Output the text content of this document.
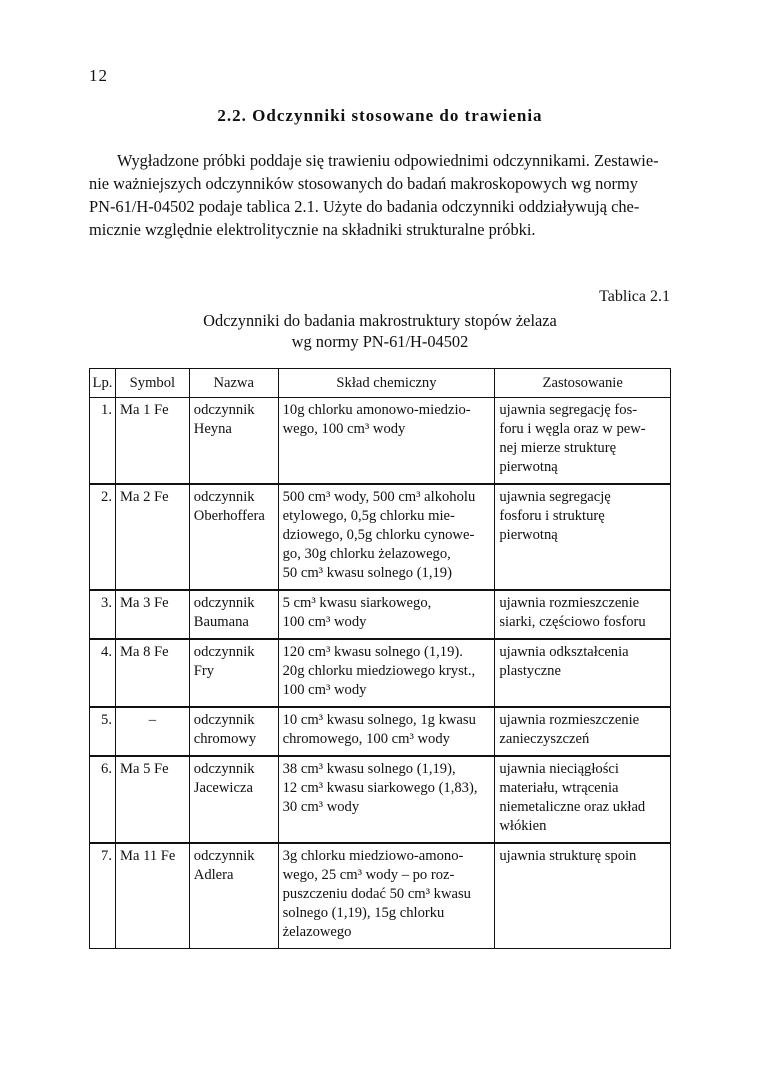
12
2.2. Odczynniki stosowane do trawienia

Wygładzone próbki poddaje się trawieniu odpowiednimi odczynnikami. Zestawie-
nie ważniejszych odczynników stosowanych do badań makroskopowych wg normy
PN-61/H-04502 podaje tablica 2.1. Użyte do badania odczynniki oddziaływują che-
micznie względnie elektrolitycznie na składniki strukturalne próbki.

Tablica 2.1
Odczynniki do badania makrostruktury stopów żelaza
wg normy PN-61/H-04502
Lp.	Symbol	Nazwa	Skład chemiczny	Zastosowanie
1.	Ma 1 Fe	odczynnik
Heyna	10g chlorku amonowo-miedzio-
wego, 100 cm³ wody	ujawnia segregację fos-
foru i węgla oraz w pew-
nej mierze strukturę
pierwotną

2.	Ma 2 Fe	odczynnik
Oberhoffera	500 cm³ wody, 500 cm³ alkoholu
etylowego, 0,5g chlorku mie-
dziowego, 0,5g chlorku cynowe-
go, 30g chlorku żelazowego,
50 cm³ kwasu solnego (1,19)	ujawnia segregację
fosforu i strukturę
pierwotną

3.	Ma 3 Fe	odczynnik
Baumana	5 cm³ kwasu siarkowego,
100 cm³ wody	ujawnia rozmieszczenie
siarki, częściowo fosforu

4.	Ma 8 Fe	odczynnik
Fry	120 cm³ kwasu solnego (1,19).
20g chlorku miedziowego kryst.,
100 cm³ wody	ujawnia odkształcenia
plastyczne

5.	–	odczynnik
chromowy	10 cm³ kwasu solnego, 1g kwasu
chromowego, 100 cm³ wody	ujawnia rozmieszczenie
zanieczyszczeń

6.	Ma 5 Fe	odczynnik
Jacewicza	38 cm³ kwasu solnego (1,19),
12 cm³ kwasu siarkowego (1,83),
30 cm³ wody	ujawnia nieciągłości
materiału, wtrącenia
niemetaliczne oraz układ
włókien

7.	Ma 11 Fe	odczynnik
Adlera	3g chlorku miedziowo-amono-
wego, 25 cm³ wody – po roz-
puszczeniu dodać 50 cm³ kwasu
solnego (1,19), 15g chlorku
żelazowego	ujawnia strukturę spoin
